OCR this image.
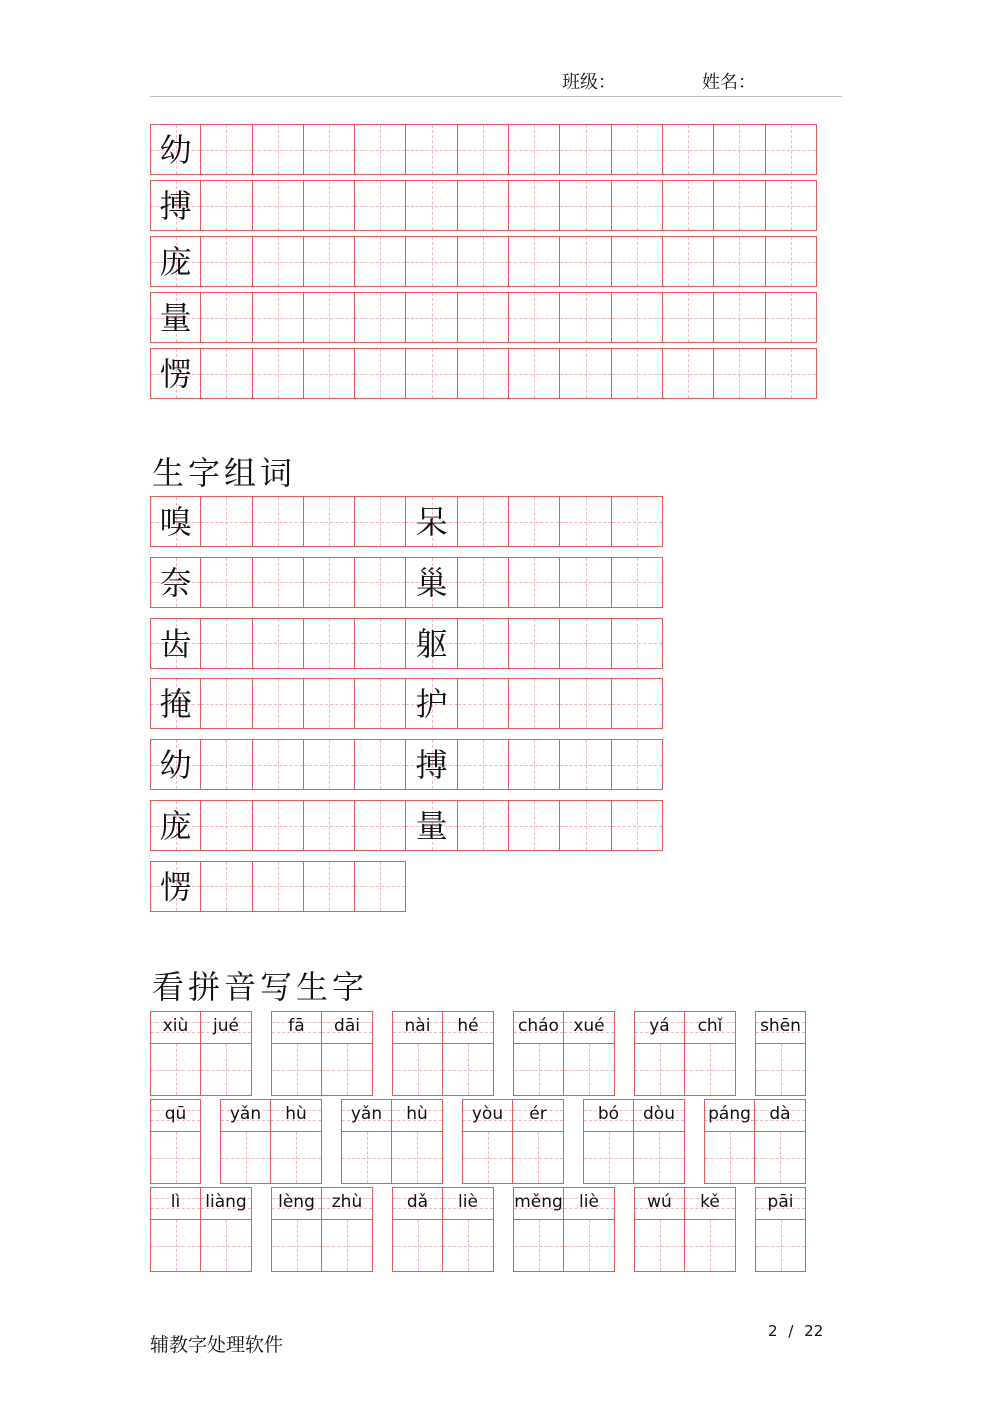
班级：	姓名：
幼
搏
庞
量
愣
生字组词
嗅	呆
奈	巢
齿	躯
掩	护
幼	搏
庞	量
愣
看拼音写生字
xiù	jué	fā	dāi	nài	hé	cháo xué	yá	chǐ	shēn
qū	yǎn	hù	yǎn	hù	yòu	ér	bó	dòu	páng	dà
lì	liàng	lèng zhù	dǎ	liè	měng liè	wú	kě	pāi
辅教字处理软件
2 / 22
